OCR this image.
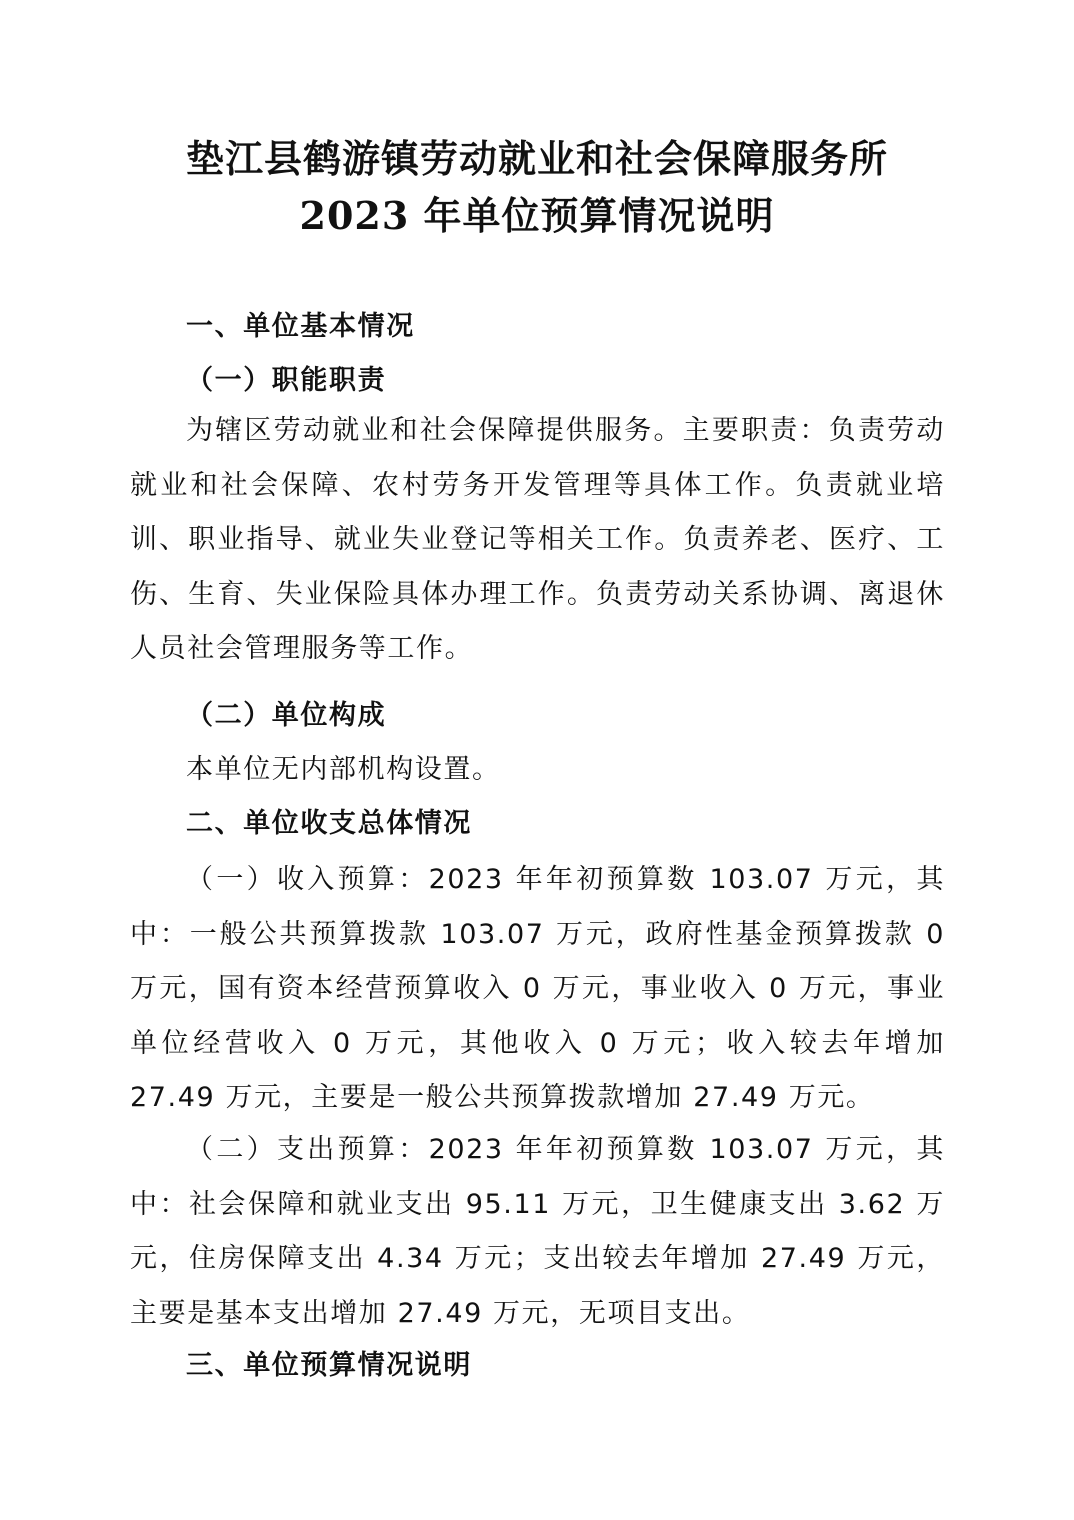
垫江县鹤游镇劳动就业和社会保障服务所
2023 年单位预算情况说明
一、单位基本情况
（一）职能职责

为辖区劳动就业和社会保障提供服务。主要职责：负责劳动就业和社会保障、农村劳务开发管理等具体工作。负责就业培训、职业指导、就业失业登记等相关工作。负责养老、医疗、工伤、生育、失业保险具体办理工作。负责劳动关系协调、离退休人员社会管理服务等工作。

（二）单位构成

本单位无内部机构设置。

二、单位收支总体情况

（一）收入预算：2023 年年初预算数 103.07 万元，其中：一般公共预算拨款 103.07 万元，政府性基金预算拨款 0 万元，国有资本经营预算收入 0 万元，事业收入 0 万元，事业单位经营收入 0 万元，其他收入 0 万元；收入较去年增加 27.49 万元，主要是一般公共预算拨款增加 27.49 万元。

（二）支出预算：2023 年年初预算数 103.07 万元，其中：社会保障和就业支出 95.11 万元，卫生健康支出 3.62 万元，住房保障支出 4.34 万元；支出较去年增加 27.49 万元，主要是基本支出增加 27.49 万元，无项目支出。

三、单位预算情况说明
